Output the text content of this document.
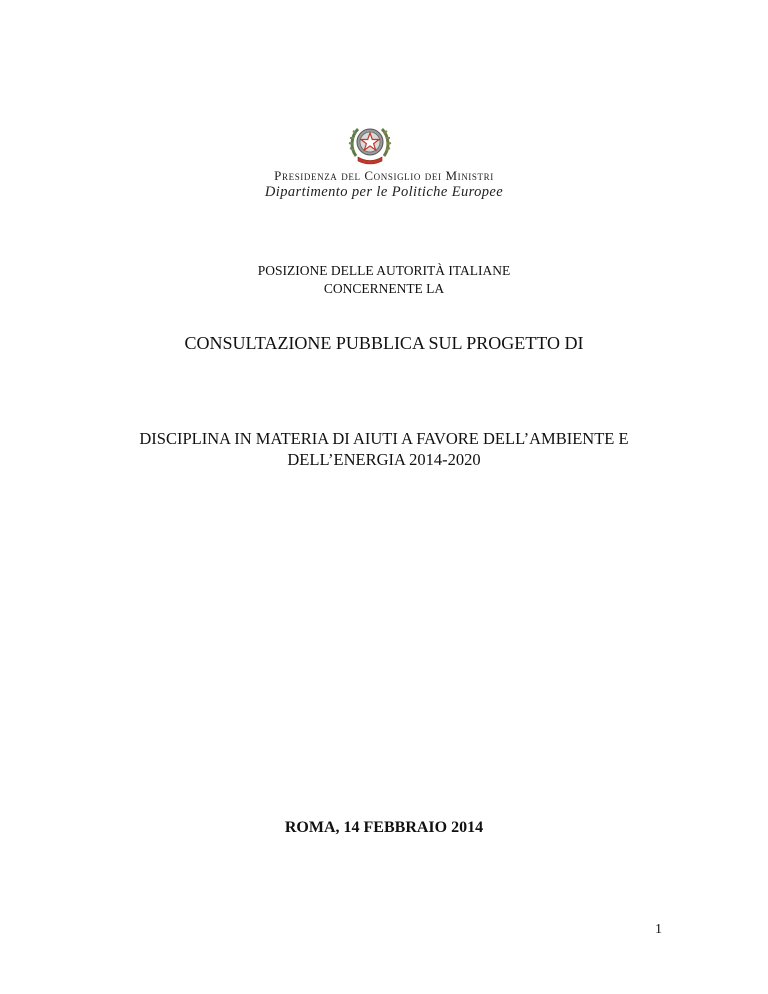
Presidenza del Consiglio dei Ministri
Dipartimento per le Politiche Europee
POSIZIONE DELLE AUTORITÀ ITALIANE
CONCERNENTE LA
CONSULTAZIONE PUBBLICA SUL PROGETTO DI
DISCIPLINA IN MATERIA DI AIUTI A FAVORE DELL’AMBIENTE E
DELL’ENERGIA 2014-2020
ROMA, 14 FEBBRAIO 2014
1
